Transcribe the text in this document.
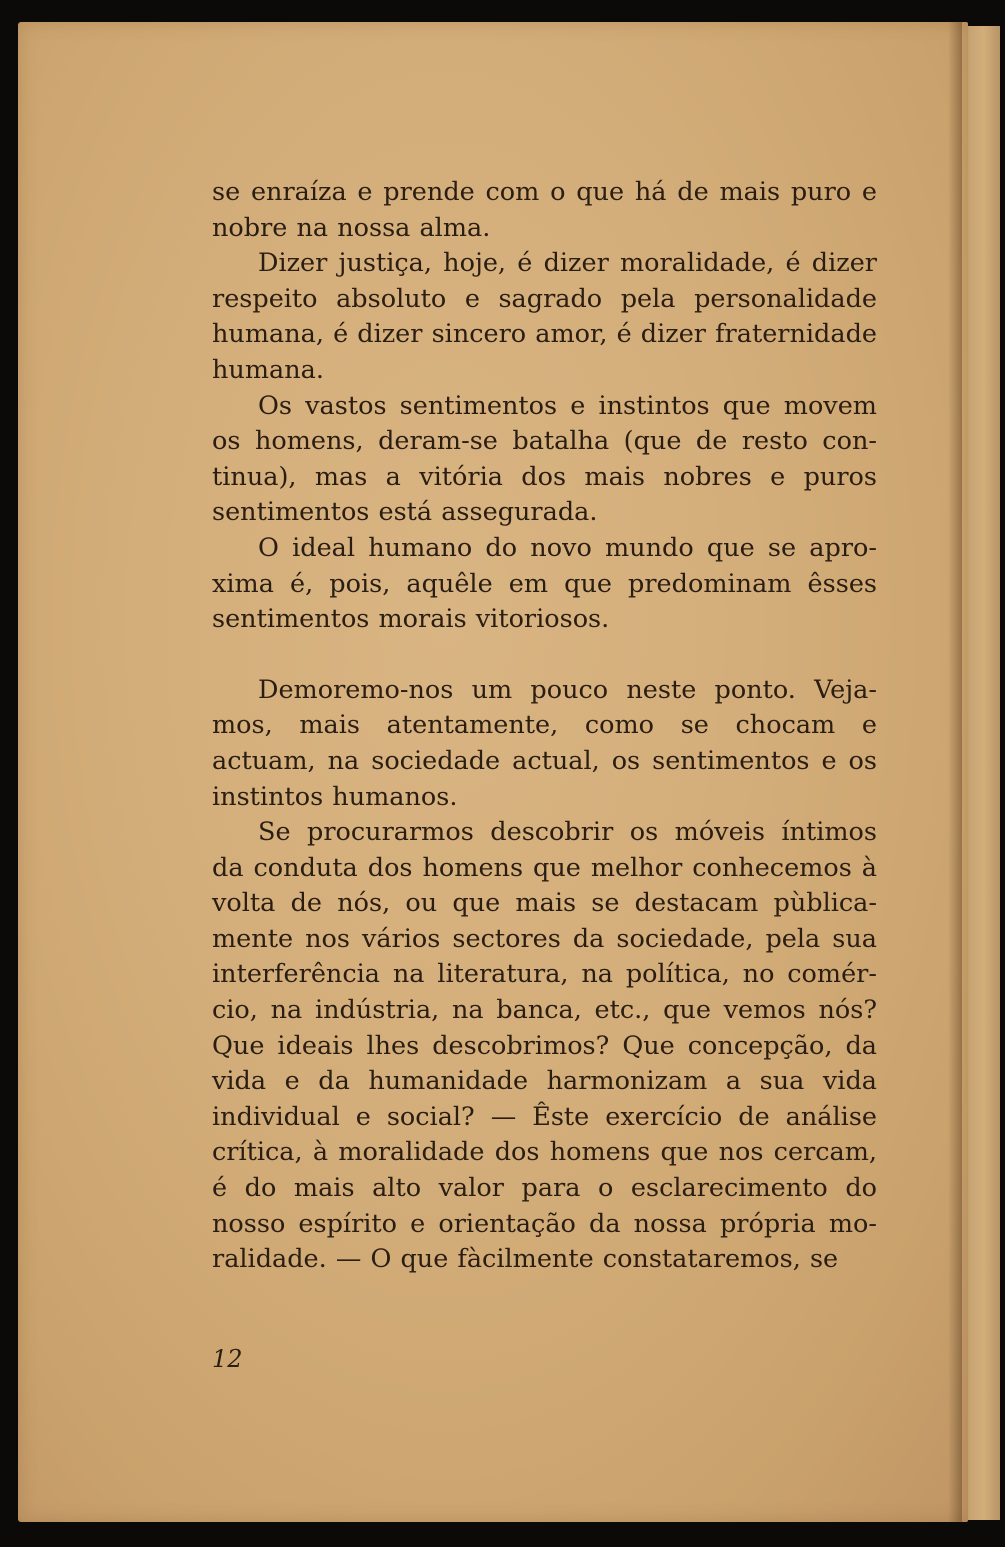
se enraíza e prende com o que há de mais puro e nobre na nossa alma.

Dizer justiça, hoje, é dizer moralidade, é dizer respeito absoluto e sagrado pela personalidade humana, é dizer sincero amor, é dizer fraternidade humana.

Os vastos sentimentos e instintos que movem os homens, deram-se batalha (que de resto continua), mas a vitória dos mais nobres e puros sentimentos está assegurada.

O ideal humano do novo mundo que se aproxima é, pois, aquêle em que predominam êsses sentimentos morais vitoriosos.

Demoremo-nos um pouco neste ponto. Vejamos, mais atentamente, como se chocam e actuam, na sociedade actual, os sentimentos e os instintos humanos.

Se procurarmos descobrir os móveis íntimos da conduta dos homens que melhor conhecemos à volta de nós, ou que mais se destacam pùblicamente nos vários sectores da sociedade, pela sua interferência na literatura, na política, no comércio, na indústria, na banca, etc., que vemos nós? Que ideais lhes descobrimos? Que concepção, da vida e da humanidade harmonizam a sua vida individual e social? — Êste exercício de análise crítica, à moralidade dos homens que nos cercam, é do mais alto valor para o esclarecimento do nosso espírito e orientação da nossa própria moralidade. — O que fàcilmente constataremos, se

12
